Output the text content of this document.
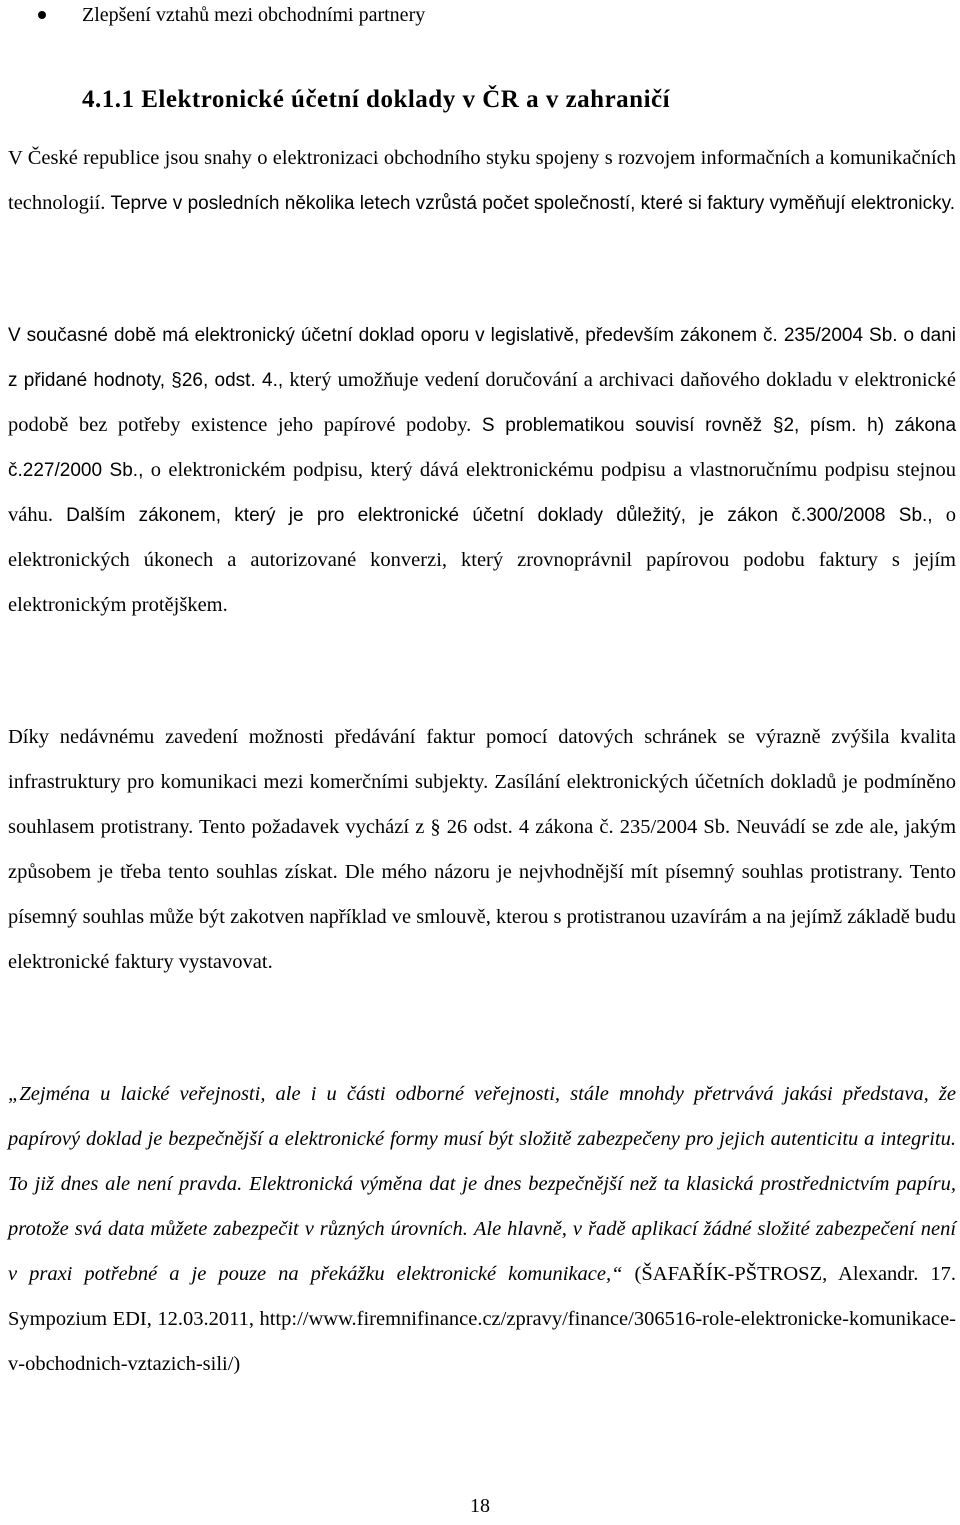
Zlepšení vztahů mezi obchodními partnery
4.1.1 Elektronické účetní doklady v ČR a v zahraničí

V České republice jsou snahy o elektronizaci obchodního styku spojeny s rozvojem informačních a komunikačních technologií. Teprve v posledních několika letech vzrůstá počet společností, které si faktury vyměňují elektronicky.

V současné době má elektronický účetní doklad oporu v legislativě, především zákonem č. 235/2004 Sb. o dani z přidané hodnoty, §26, odst. 4., který umožňuje vedení doručování a archivaci daňového dokladu v elektronické podobě bez potřeby existence jeho papírové podoby. S problematikou souvisí rovněž §2, písm. h) zákona č.227/2000 Sb., o elektronickém podpisu, který dává elektronickému podpisu a vlastnoručnímu podpisu stejnou váhu. Dalším zákonem, který je pro elektronické účetní doklady důležitý, je zákon č.300/2008 Sb., o elektronických úkonech a autorizované konverzi, který zrovnoprávnil papírovou podobu faktury s jejím elektronickým protějškem.

Díky nedávnému zavedení možnosti předávání faktur pomocí datových schránek se výrazně zvýšila kvalita infrastruktury pro komunikaci mezi komerčními subjekty. Zasílání elektronických účetních dokladů je podmíněno souhlasem protistrany. Tento požadavek vychází z § 26 odst. 4 zákona č. 235/2004 Sb. Neuvádí se zde ale, jakým způsobem je třeba tento souhlas získat. Dle mého názoru je nejvhodnější mít písemný souhlas protistrany. Tento písemný souhlas může být zakotven například ve smlouvě, kterou s protistranou uzavírám a na jejímž základě budu elektronické faktury vystavovat.

„Zejména u laické veřejnosti, ale i u části odborné veřejnosti, stále mnohdy přetrvává jakási představa, že papírový doklad je bezpečnější a elektronické formy musí být složitě zabezpečeny pro jejich autenticitu a integritu. To již dnes ale není pravda. Elektronická výměna dat je dnes bezpečnější než ta klasická prostřednictvím papíru, protože svá data můžete zabezpečit v různých úrovních. Ale hlavně, v řadě aplikací žádné složité zabezpečení není v praxi potřebné a je pouze na překážku elektronické komunikace,“ (ŠAFAŘÍK-PŠTROSZ, Alexandr. 17. Sympozium EDI, 12.03.2011, http://www.firemnifinance.cz/zpravy/finance/306516-role-elektronicke-komunikace-v-obchodnich-vztazich-sili/)

18
